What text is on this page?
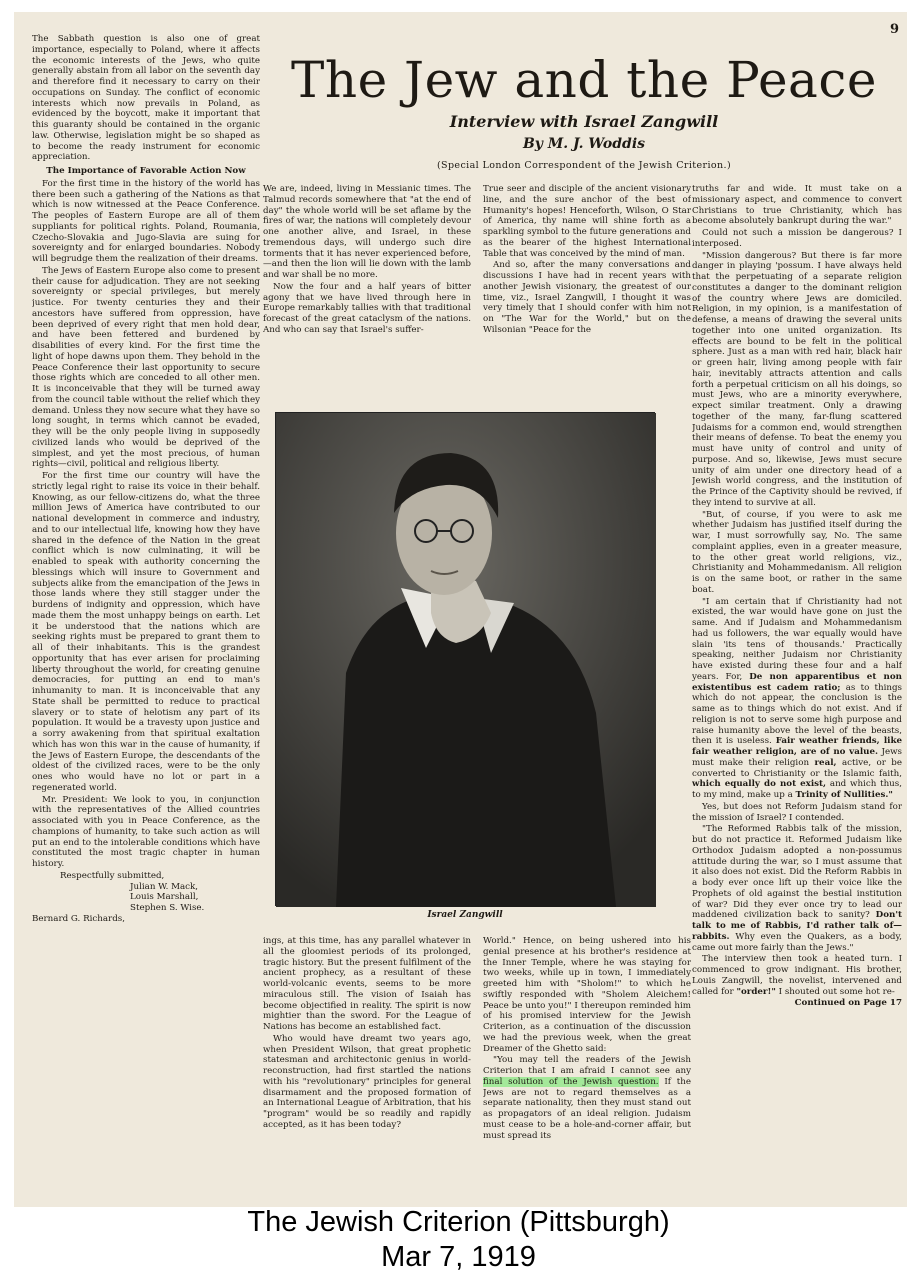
9

The Sabbath question is also one of great importance, especially to Poland, where it affects the economic interests of the Jews, who quite generally abstain from all labor on the seventh day and therefore find it necessary to carry on their occupations on Sunday. The conflict of economic interests which now prevails in Poland, as evidenced by the boycott, make it important that this guaranty should be contained in the organic law. Otherwise, legislation might be so shaped as to become the ready instrument for economic appreciation.

The Importance of Favorable Action Now

For the first time in the history of the world has there been such a gathering of the Nations as that which is now witnessed at the Peace Conference. The peoples of Eastern Europe are all of them suppliants for political rights. Poland, Roumania, Czecho-Slovakia and Jugo-Slavia are suing for sovereignty and for enlarged boundaries. Nobody will begrudge them the realization of their dreams.

The Jews of Eastern Europe also come to present their cause for adjudication. They are not seeking sovereignty or special privileges, but merely justice. For twenty centuries they and their ancestors have suffered from oppression, have been deprived of every right that men hold dear, and have been fettered and burdened by disabilities of every kind. For the first time the light of hope dawns upon them. They behold in the Peace Conference their last opportunity to secure those rights which are conceded to all other men. It is inconceivable that they will be turned away from the council table without the relief which they demand. Unless they now secure what they have so long sought, in terms which cannot be evaded, they will be the only people living in supposedly civilized lands who would be deprived of the simplest, and yet the most precious, of human rights—civil, political and religious liberty.

For the first time our country will have the strictly legal right to raise its voice in their behalf. Knowing, as our fellow-citizens do, what the three million Jews of America have contributed to our national development in commerce and industry, and to our intellectual life, knowing how they have shared in the defence of the Nation in the great conflict which is now culminating, it will be enabled to speak with authority concerning the blessings which will insure to Government and subjects alike from the emancipation of the Jews in those lands where they still stagger under the burdens of indignity and oppression, which have made them the most unhappy beings on earth. Let it be understood that the nations which are seeking rights must be prepared to grant them to all of their inhabitants. This is the grandest opportunity that has ever arisen for proclaiming liberty throughout the world, for creating genuine democracies, for putting an end to man's inhumanity to man. It is inconceivable that any State shall be permitted to reduce to practical slavery or to state of helotism any part of its population. It would be a travesty upon justice and a sorry awakening from that spiritual exaltation which has won this war in the cause of humanity, if the Jews of Eastern Europe, the descendants of the oldest of the civilized races, were to be the only ones who would have no lot or part in a regenerated world.

Mr. President: We look to you, in conjunction with the representatives of the Allied countries associated with you in Peace Conference, as the champions of humanity, to take such action as will put an end to the intolerable conditions which have constituted the most tragic chapter in human history.

Respectfully submitted,
Julian W. Mack,
Louis Marshall,
Stephen S. Wise.
Bernard G. Richards,
The Jew and the Peace
Interview with Israel Zangwill
By M. J. Woddis
(Special London Correspondent of the Jewish Criterion.)

We are, indeed, living in Messianic times. The Talmud records somewhere that "at the end of day" the whole world will be set aflame by the fires of war, the nations will completely devour one another alive, and Israel, in these tremendous days, will undergo such dire torments that it has never experienced before,—and then the lion will lie down with the lamb and war shall be no more.

Now the four and a half years of bitter agony that we have lived through here in Europe remarkably tallies with that traditional forecast of the great cataclysm of the nations. And who can say that Israel's suffer-

True seer and disciple of the ancient visionary line, and the sure anchor of the best of Humanity's hopes! Henceforth, Wilson, O Star of America, thy name will shine forth as a sparkling symbol to the future generations and as the bearer of the highest International Table that was conceived by the mind of man.

And so, after the many conversations and discussions I have had in recent years with another Jewish visionary, the greatest of our time, viz., Israel Zangwill, I thought it was very timely that I should confer with him not on "The War for the World," but on the Wilsonian "Peace for the

truths far and wide. It must take on a missionary aspect, and commence to convert Christians to true Christianity, which has become absolutely bankrupt during the war."

Could not such a mission be dangerous? I interposed.

"Mission dangerous? But there is far more danger in playing 'possum. I have always held that the perpetuating of a separate religion constitutes a danger to the dominant religion of the country where Jews are domiciled. Religion, in my opinion, is a manifestation of defense, a means of drawing the several units together into one united organization. Its effects are bound to be felt in the political sphere. Just as a man with red hair, black hair or green hair, living among people with fair hair, inevitably attracts attention and calls forth a perpetual criticism on all his doings, so must Jews, who are a minority everywhere, expect similar treatment. Only a drawing together of the many, far-flung scattered Judaisms for a common end, would strengthen their means of defense. To beat the enemy you must have unity of control and unity of purpose. And so, likewise, Jews must secure unity of aim under one directory head of a Jewish world congress, and the institution of the Prince of the Captivity should be revived, if they intend to survive at all.

"But, of course, if you were to ask me whether Judaism has justified itself during the war, I must sorrowfully say, No. The same complaint applies, even in a greater measure, to the other great world religions, viz., Christianity and Mohammedanism. All religion is on the same boot, or rather in the same boat.

"I am certain that if Christianity had not existed, the war would have gone on just the same. And if Judaism and Mohammedanism had us followers, the war equally would have slain 'its tens of thousands.' Practically speaking, neither Judaism nor Christianity have existed during these four and a half years. For, De non apparentibus et non existentibus est cadem ratio; as to things which do not appear, the conclusion is the same as to things which do not exist. And if religion is not to serve some high purpose and raise humanity above the level of the beasts, then it is useless. Fair weather friends, like fair weather religion, are of no value. Jews must make their religion real, active, or be converted to Christianity or the Islamic faith, which equally do not exist, and which thus, to my mind, make up a Trinity of Nullities."

Yes, but does not Reform Judaism stand for the mission of Israel? I contended.

"The Reformed Rabbis talk of the mission, but do not practice it. Reformed Judaism like Orthodox Judaism adopted a non-possumus attitude during the war, so I must assume that it also does not exist. Did the Reform Rabbis in a body ever once lift up their voice like the Prophets of old against the bestial institution of war? Did they ever once try to lead our maddened civilization back to sanity? Don't talk to me of Rabbis, I'd rather talk of—rabbits. Why even the Quakers, as a body, came out more fairly than the Jews."

The interview then took a heated turn. I commenced to grow indignant. His brother, Louis Zangwill, the novelist, intervened and called for "order!" I shouted out some hot re-

Continued on Page 17

Israel Zangwill

ings, at this time, has any parallel whatever in all the gloomiest periods of its prolonged, tragic history. But the present fulfilment of the ancient prophecy, as a resultant of these world-volcanic events, seems to be more miraculous still. The vision of Isaiah has become objectified in reality. The spirit is now mightier than the sword. For the League of Nations has become an established fact.

Who would have dreamt two years ago, when President Wilson, that great prophetic statesman and architectonic genius in world-reconstruction, had first startled the nations with his "revolutionary" principles for general disarmament and the proposed formation of an International League of Arbitration, that his "program" would be so readily and rapidly accepted, as it has been today?

World." Hence, on being ushered into his genial presence at his brother's residence at the Inner Temple, where he was staying for two weeks, while up in town, I immediately greeted him with "Sholom!" to which he swiftly responded with "Sholem Aleichem! Peace be unto you!" I thereupon reminded him of his promised interview for the Jewish Criterion, as a continuation of the discussion we had the previous week, when the great Dreamer of the Ghetto said:

"You may tell the readers of the Jewish Criterion that I am afraid I cannot see any final solution of the Jewish question. If the Jews are not to regard themselves as a separate nationality, then they must stand out as propagators of an ideal religion. Judaism must cease to be a hole-and-corner affair, but must spread its

The Jewish Criterion (Pittsburgh)
Mar 7, 1919
